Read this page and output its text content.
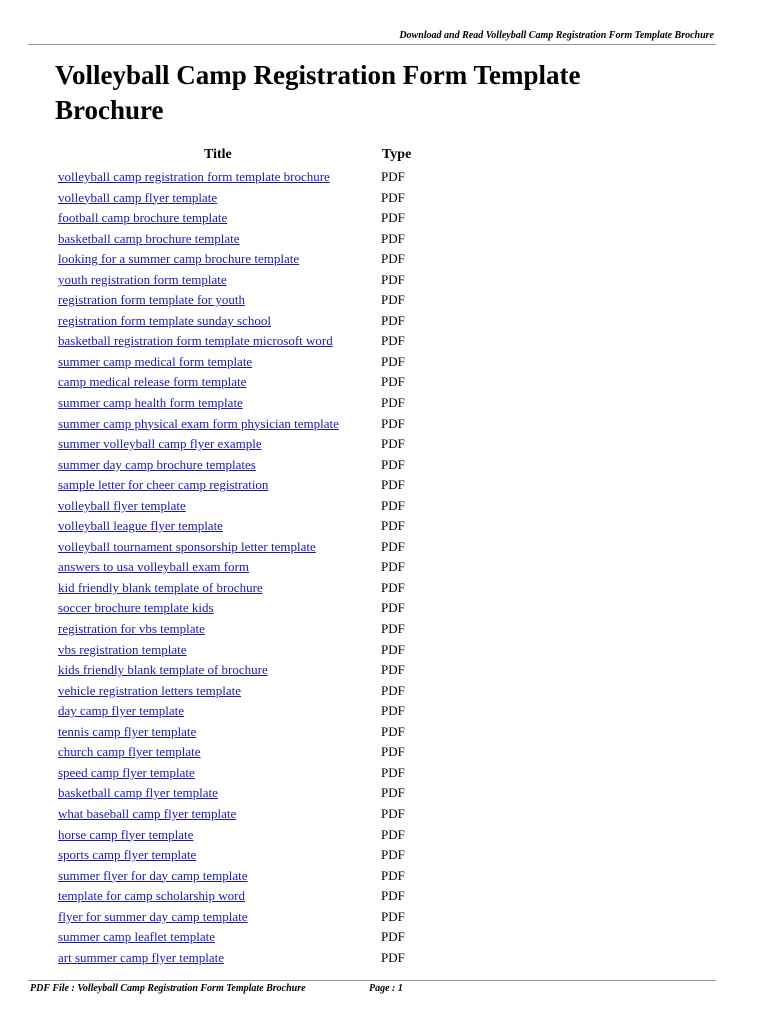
Download and Read Volleyball Camp Registration Form Template Brochure
Volleyball Camp Registration Form Template Brochure
Title	Type
volleyball camp registration form template brochure	PDF
volleyball camp flyer template	PDF
football camp brochure template	PDF
basketball camp brochure template	PDF
looking for a summer camp brochure template	PDF
youth registration form template	PDF
registration form template for youth	PDF
registration form template sunday school	PDF
basketball registration form template microsoft word	PDF
summer camp medical form template	PDF
camp medical release form template	PDF
summer camp health form template	PDF
summer camp physical exam form physician template	PDF
summer volleyball camp flyer example	PDF
summer day camp brochure templates	PDF
sample letter for cheer camp registration	PDF
volleyball flyer template	PDF
volleyball league flyer template	PDF
volleyball tournament sponsorship letter template	PDF
answers to usa volleyball exam form	PDF
kid friendly blank template of brochure	PDF
soccer brochure template kids	PDF
registration for vbs template	PDF
vbs registration template	PDF
kids friendly blank template of brochure	PDF
vehicle registration letters template	PDF
day camp flyer template	PDF
tennis camp flyer template	PDF
church camp flyer template	PDF
speed camp flyer template	PDF
basketball camp flyer template	PDF
what baseball camp flyer template	PDF
horse camp flyer template	PDF
sports camp flyer template	PDF
summer flyer for day camp template	PDF
template for camp scholarship word	PDF
flyer for summer day camp template	PDF
summer camp leaflet template	PDF
art summer camp flyer template	PDF
PDF File : Volleyball Camp Registration Form Template Brochure	Page : 1
